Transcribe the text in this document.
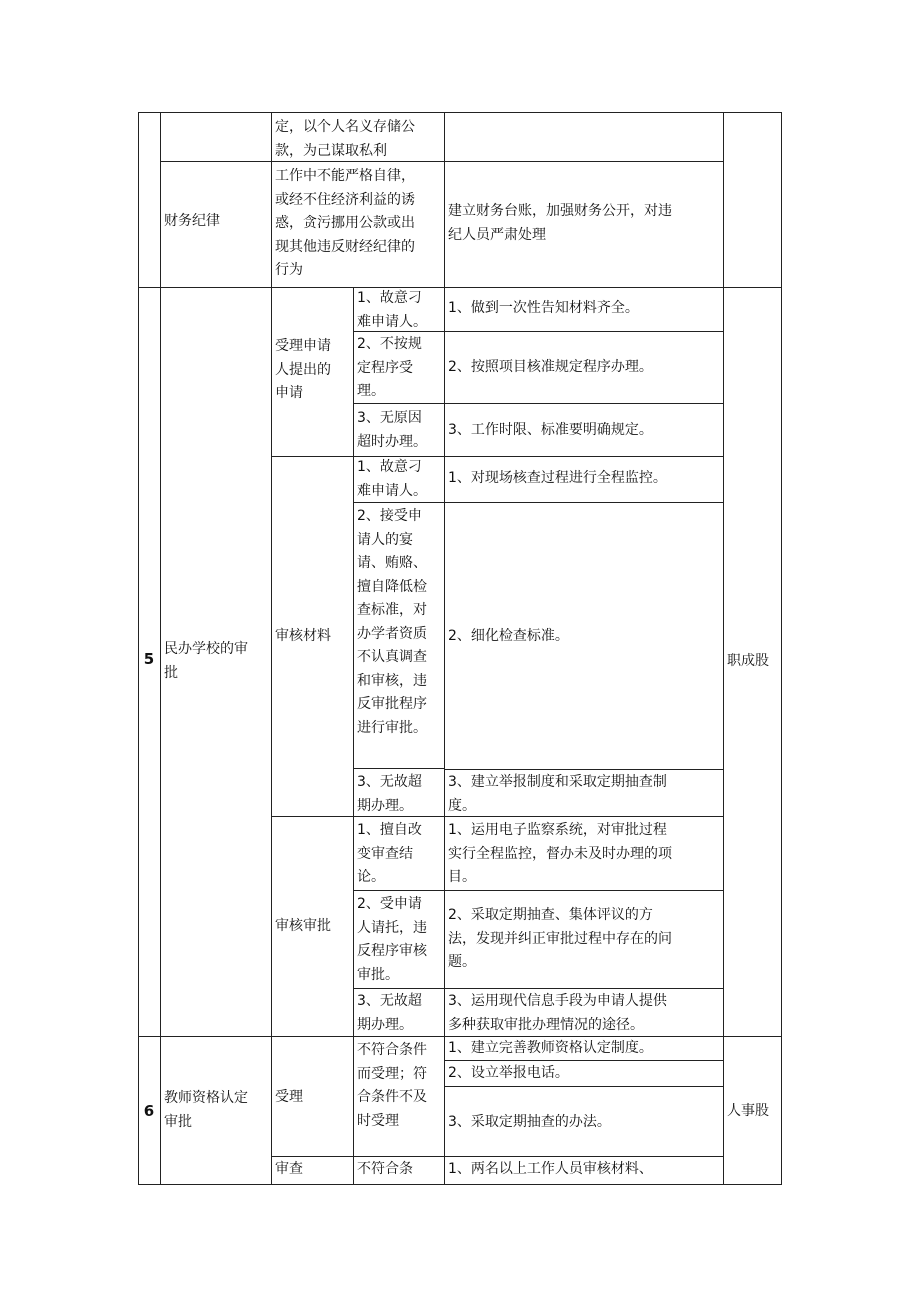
定，以个人名义存储公
款，为己谋取私利
财务纪律
工作中不能严格自律，
或经不住经济利益的诱
惑，贪污挪用公款或出
现其他违反财经纪律的
行为
建立财务台账，加强财务公开，对违
纪人员严肃处理
5
民办学校的审
批
职成股
受理申请
人提出的
申请
1、故意刁
难申请人。
1、做到一次性告知材料齐全。
2、不按规
定程序受
理。
2、按照项目核准规定程序办理。
3、无原因
超时办理。
3、工作时限、标准要明确规定。
审核材料
1、故意刁
难申请人。
1、对现场核查过程进行全程监控。
2、接受申
请人的宴
请、贿赂、
擅自降低检
查标准，对
办学者资质
不认真调查
和审核，违
反审批程序
进行审批。
2、细化检查标准。
3、无故超
期办理。
3、建立举报制度和采取定期抽查制
度。
审核审批
1、擅自改
变审查结
论。
1、运用电子监察系统，对审批过程
实行全程监控，督办未及时办理的项
目。
2、受申请
人请托，违
反程序审核
审批。
2、采取定期抽查、集体评议的方
法，发现并纠正审批过程中存在的问
题。
3、无故超
期办理。
3、运用现代信息手段为申请人提供
多种获取审批办理情况的途径。
6
教师资格认定
审批
人事股
受理
不符合条件
而受理；符
合条件不及
时受理
1、建立完善教师资格认定制度。
2、设立举报电话。
3、采取定期抽查的办法。
审查	不符合条	1、两名以上工作人员审核材料、
